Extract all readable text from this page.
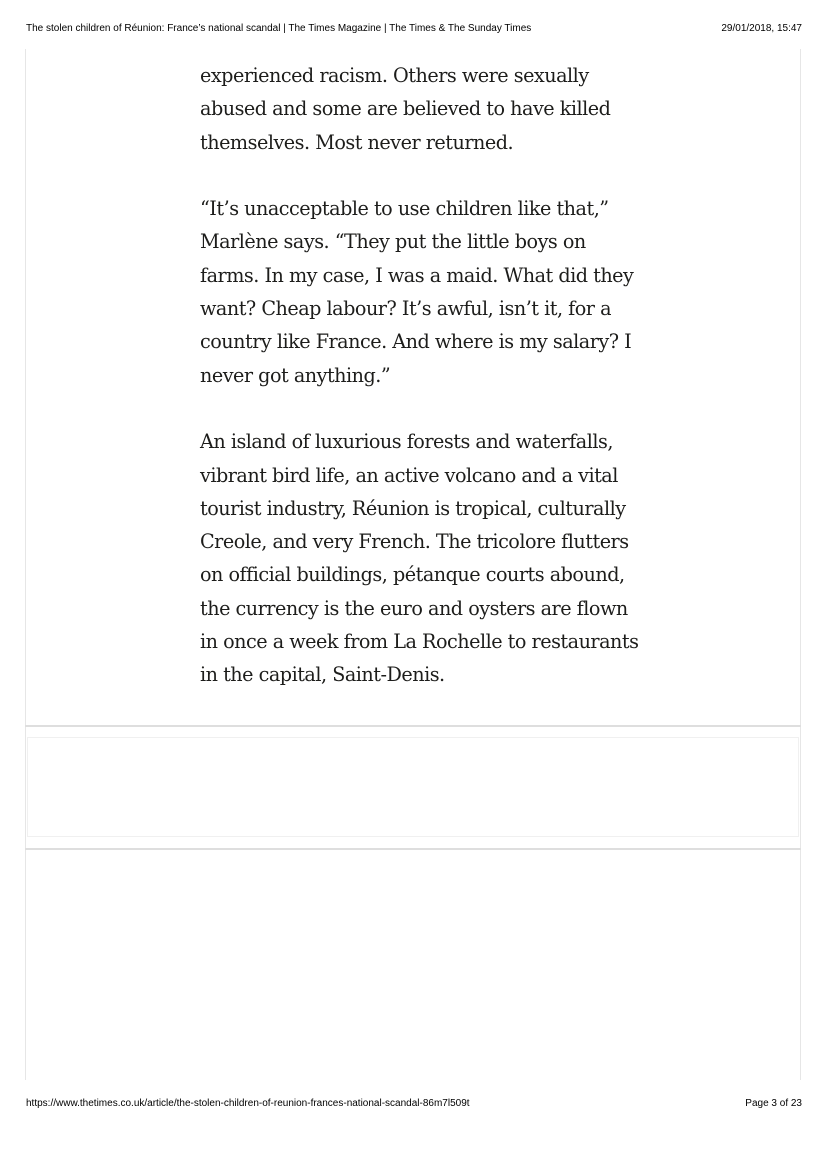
The stolen children of Réunion: France’s national scandal | The Times Magazine | The Times & The Sunday Times	29/01/2018, 15:47

experienced racism. Others were sexually abused and some are believed to have killed themselves. Most never returned.

“It’s unacceptable to use children like that,” Marlène says. “They put the little boys on farms. In my case, I was a maid. What did they want? Cheap labour? It’s awful, isn’t it, for a country like France. And where is my salary? I never got anything.”

An island of luxurious forests and waterfalls, vibrant bird life, an active volcano and a vital tourist industry, Réunion is tropical, culturally Creole, and very French. The tricolore flutters on official buildings, pétanque courts abound, the currency is the euro and oysters are flown in once a week from La Rochelle to restaurants in the capital, Saint-Denis.

https://www.thetimes.co.uk/article/the-stolen-children-of-reunion-frances-national-scandal-86m7l509t	Page 3 of 23
